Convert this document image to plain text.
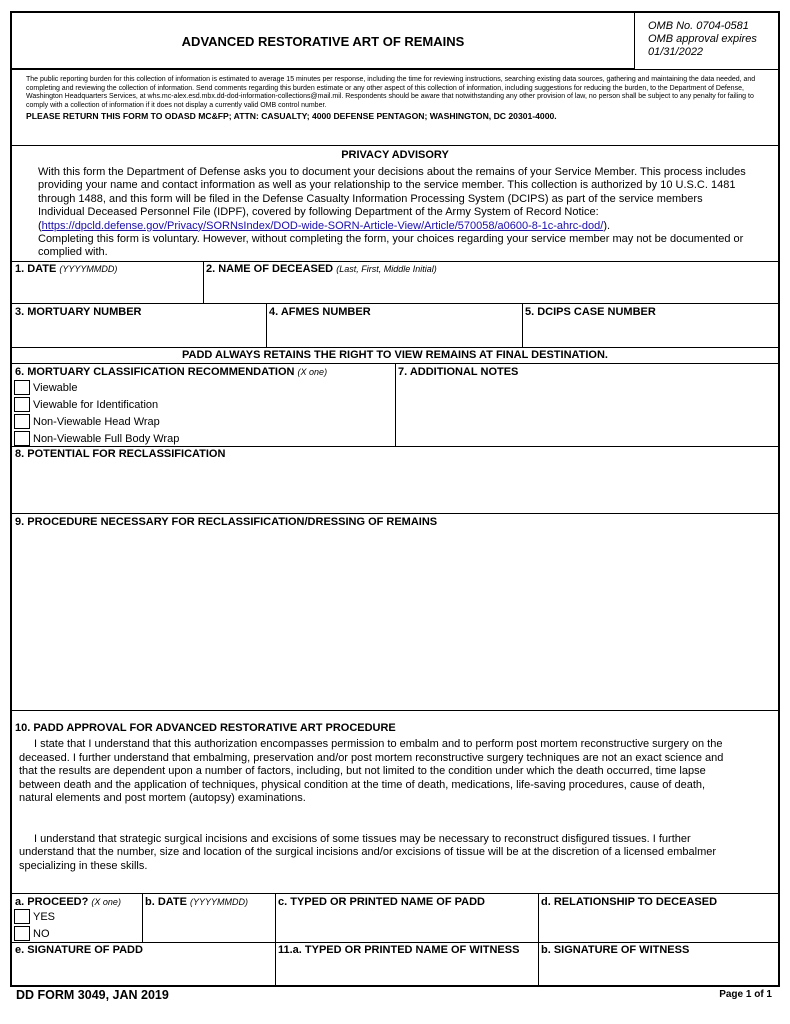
ADVANCED RESTORATIVE ART OF REMAINS
OMB No. 0704-0581
OMB approval expires
01/31/2022

The public reporting burden for this collection of information is estimated to average 15 minutes per response, including the time for reviewing instructions, searching existing data sources, gathering and maintaining the data needed, and completing and reviewing the collection of information. Send comments regarding this burden estimate or any other aspect of this collection of information, including suggestions for reducing the burden, to the Department of Defense, Washington Headquarters Services, at whs.mc-alex.esd.mbx.dd-dod-information-collections@mail.mil. Respondents should be aware that notwithstanding any other provision of law, no person shall be subject to any penalty for failing to comply with a collection of information if it does not display a currently valid OMB control number.

PLEASE RETURN THIS FORM TO ODASD MC&FP; ATTN: CASUALTY; 4000 DEFENSE PENTAGON; WASHINGTON, DC 20301-4000.

PRIVACY ADVISORY

With this form the Department of Defense asks you to document your decisions about the remains of your Service Member. This process includes providing your name and contact information as well as your relationship to the service member. This collection is authorized by 10 U.S.C. 1481 through 1488, and this form will be filed in the Defense Casualty Information Processing System (DCIPS) as part of the service members Individual Deceased Personnel File (IDPF), covered by following Department of the Army System of Record Notice:

(https://dpcld.defense.gov/Privacy/SORNsIndex/DOD-wide-SORN-Article-View/Article/570058/a0600-8-1c-ahrc-dod/).

Completing this form is voluntary. However, without completing the form, your choices regarding your service member may not be documented or complied with.

1. DATE (YYYYMMDD)	2. NAME OF DECEASED (Last, First, Middle Initial)
3. MORTUARY NUMBER	4. AFMES NUMBER	5. DCIPS CASE NUMBER
PADD ALWAYS RETAINS THE RIGHT TO VIEW REMAINS AT FINAL DESTINATION.
6. MORTUARY CLASSIFICATION RECOMMENDATION (X one)
Viewable
Viewable for Identification
Non-Viewable Head Wrap
Non-Viewable Full Body Wrap
7. ADDITIONAL NOTES
8. POTENTIAL FOR RECLASSIFICATION
9. PROCEDURE NECESSARY FOR RECLASSIFICATION/DRESSING OF REMAINS
10. PADD APPROVAL FOR ADVANCED RESTORATIVE ART PROCEDURE

I state that I understand that this authorization encompasses permission to embalm and to perform post mortem reconstructive surgery on the deceased. I further understand that embalming, preservation and/or post mortem reconstructive surgery techniques are not an exact science and that the results are dependent upon a number of factors, including, but not limited to the condition under which the death occurred, time lapse between death and the application of techniques, physical condition at the time of death, medications, life-saving procedures, cause of death, natural elements and post mortem (autopsy) examinations.

I understand that strategic surgical incisions and excisions of some tissues may be necessary to reconstruct disfigured tissues. I further understand that the number, size and location of the surgical incisions and/or excisions of tissue will be at the discretion of a licensed embalmer specializing in these skills.

a. PROCEED? (X one)
YES
NO
b. DATE (YYYYMMDD)	c. TYPED OR PRINTED NAME OF PADD	d. RELATIONSHIP TO DECEASED
e. SIGNATURE OF PADD	11.a. TYPED OR PRINTED NAME OF WITNESS	b. SIGNATURE OF WITNESS
DD FORM 3049, JAN 2019	Page 1 of 1
